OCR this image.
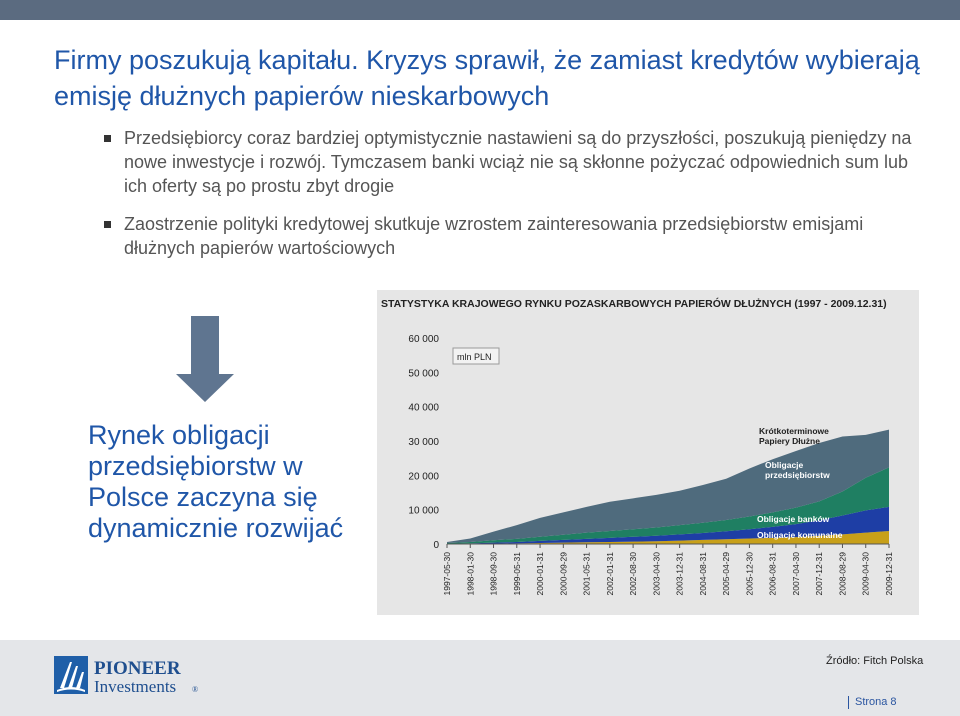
Firmy poszukują kapitału. Kryzys sprawił, że zamiast kredytów wybierają emisję dłużnych papierów nieskarbowych
Przedsiębiorcy coraz bardziej optymistycznie nastawieni są do przyszłości, poszukują pieniędzy na nowe inwestycje i rozwój. Tymczasem banki wciąż nie są skłonne pożyczać odpowiednich sum lub ich oferty są po prostu zbyt drogie
Zaostrzenie polityki kredytowej skutkuje wzrostem zainteresowania przedsiębiorstw emisjami dłużnych papierów wartościowych
Rynek obligacji przedsiębiorstw w Polsce zaczyna się dynamicznie rozwijać
0
10 000
20 000
30 000
40 000
50 000
60 000
1997-05-30 1998-01-30 1998-09-30 1999-05-31 2000-01-31 2000-09-29 2001-05-31 2002-01-31 2002-08-30 2003-04-30 2003-12-31 2004-08-31 2005-04-29 2005-12-30 2006-08-31 2007-04-30 2007-12-31 2008-08-29 2009-04-30 2009-12-31
STATYSTYKA KRAJOWEGO RYNKU POZASKARBOWYCH PAPIERÓW DŁUŻNYCH (1997 - 2009.12.31)
mln PLN
Obligacje komunalne
Obligacje banków
Obligacje przedsiębiorstw
Krótkoterminowe Papiery Dłużne
PIONEER
Investments ®
Źródło: Fitch Polska
Strona 8
